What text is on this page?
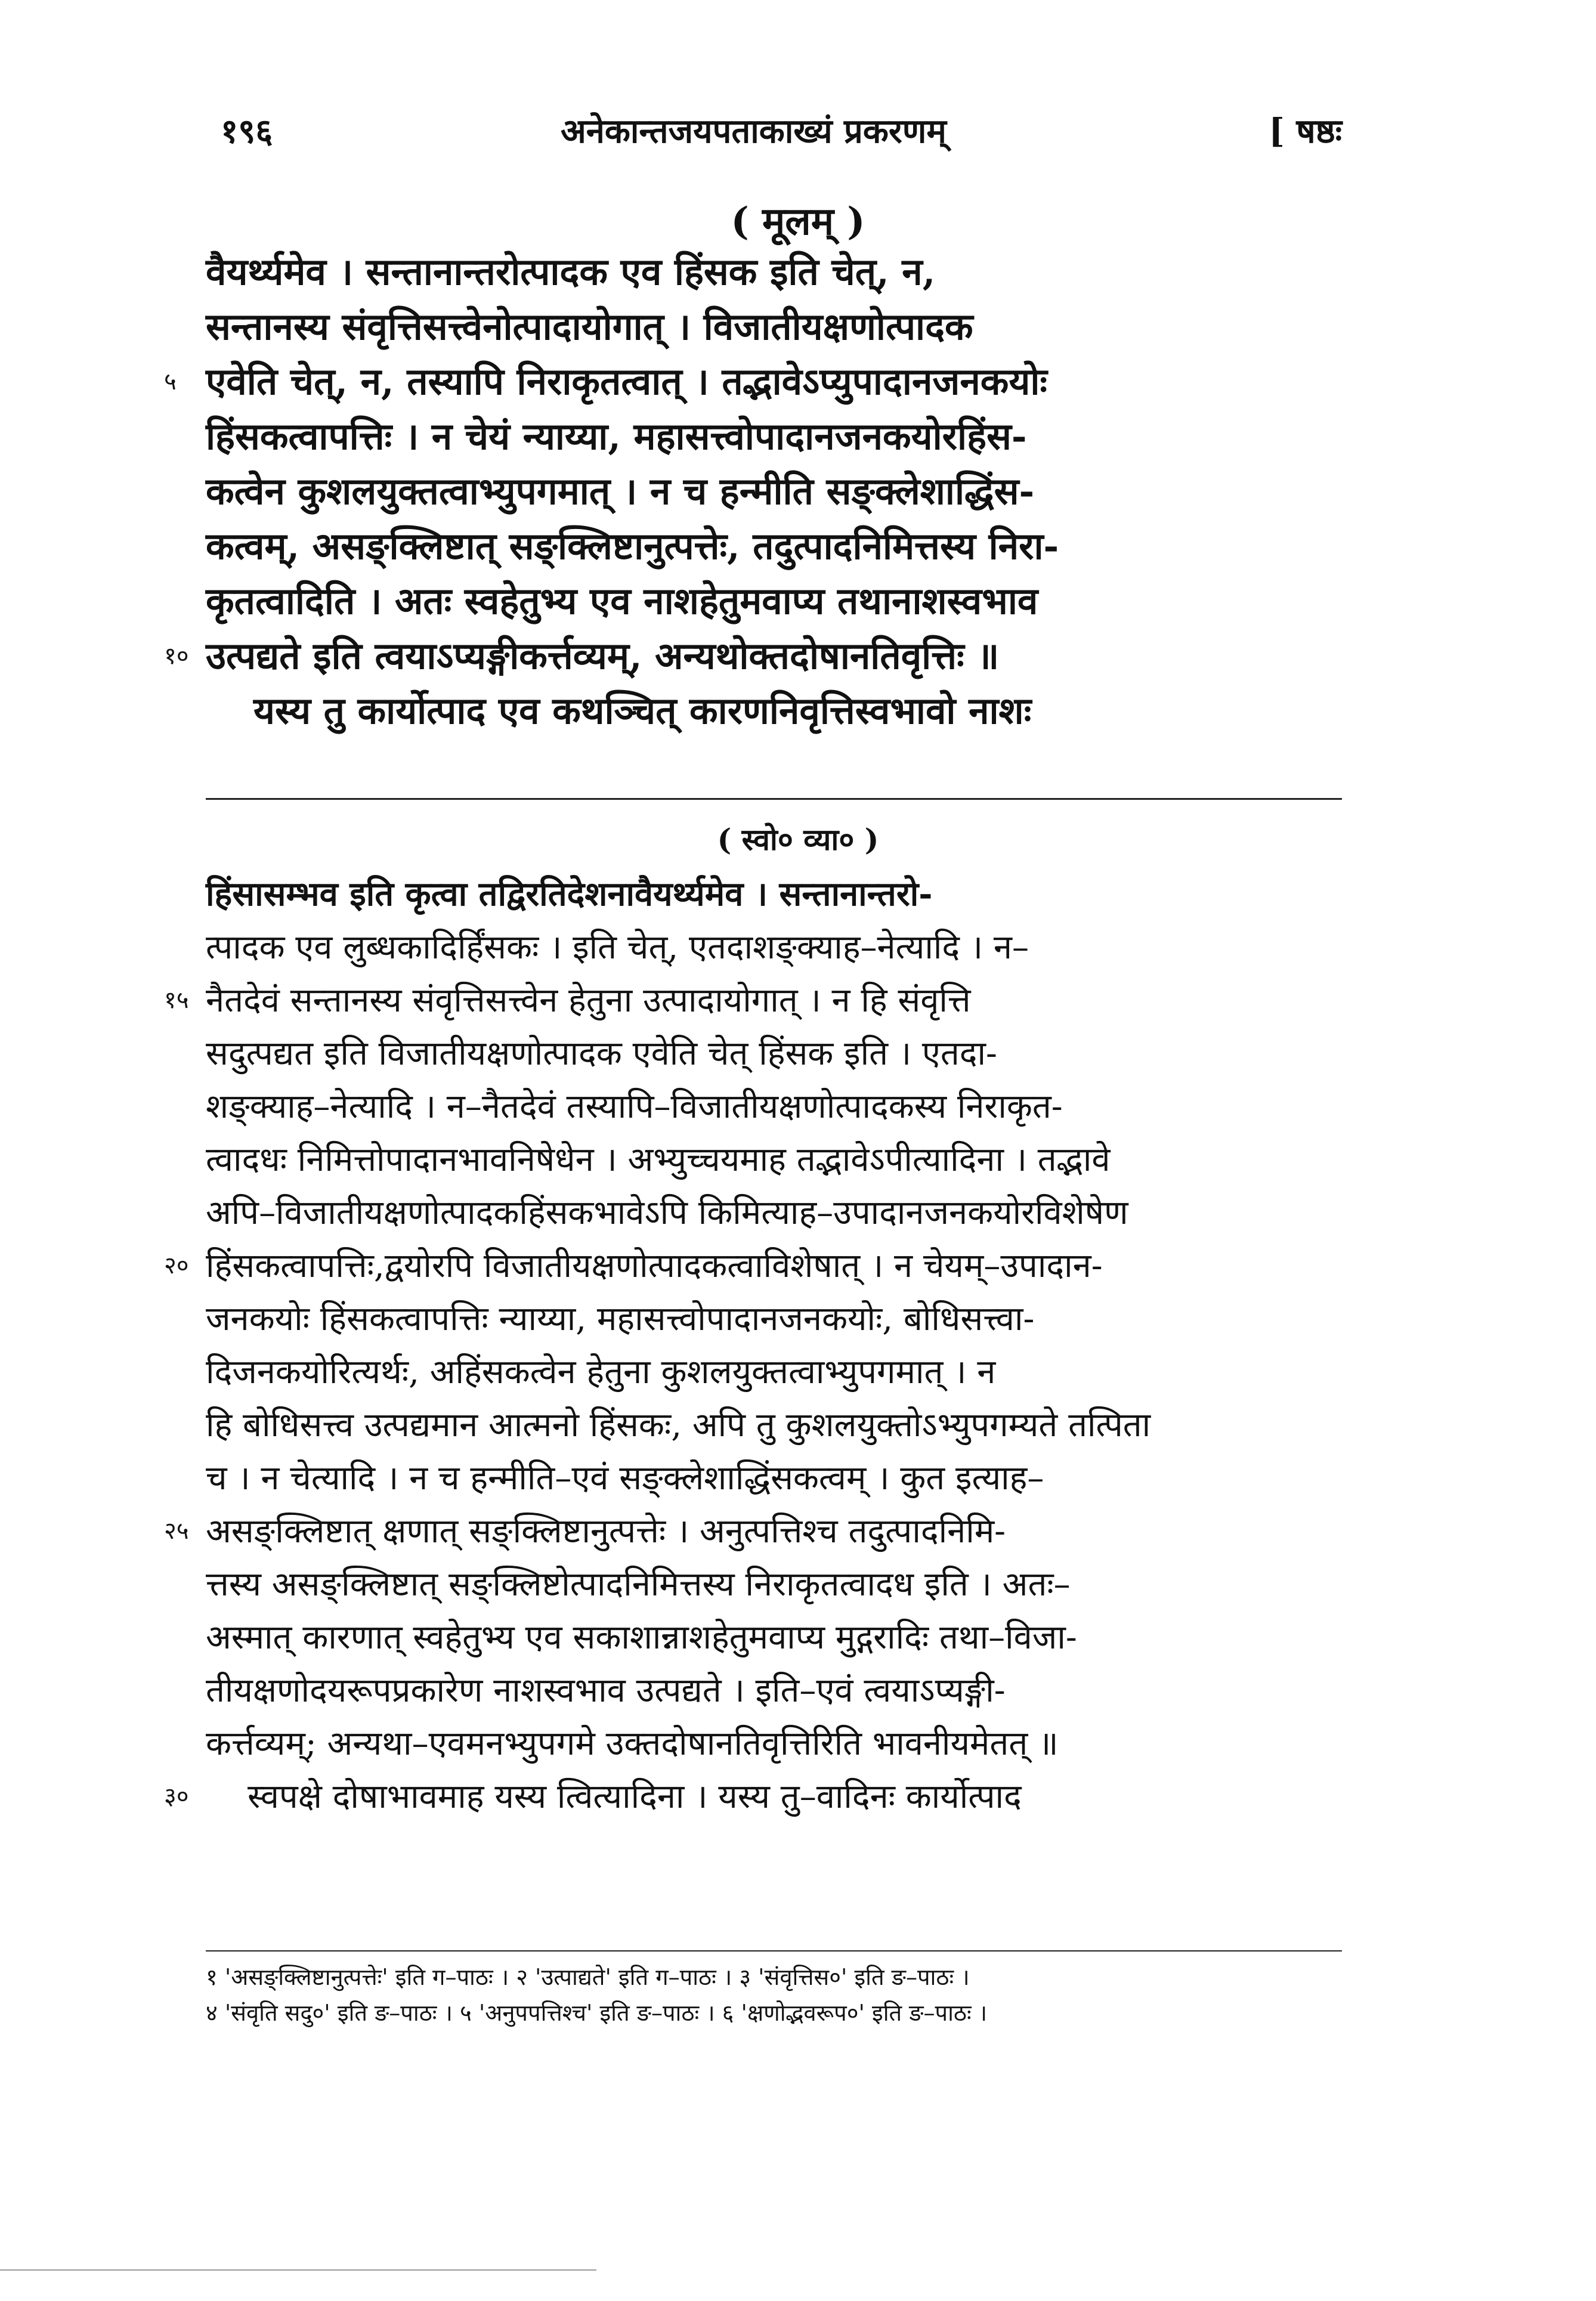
१९६	अनेकान्तजयपताकाख्यं प्रकरणम्	[ षष्ठः
( मूलम् )
वैयर्थ्यमेव । सन्तानान्तरोत्पादक एव हिंसक इति चेत्, न,
सन्तानस्य संवृत्तिसत्त्वेनोत्पादायोगात् । विजातीयक्षणोत्पादक
५ एवेति चेत्, न, तस्यापि निराकृतत्वात् । तद्भावेऽप्युपादानजनकयोः
हिंसकत्वापत्तिः । न चेयं न्याय्या, महासत्त्वोपादानजनकयोरहिंस-
कत्वेन कुशलयुक्तत्वाभ्युपगमात् । न च हन्मीति सङ्क्लेशाद्धिंस-
कत्वम्, असङ्क्लिष्टात् सङ्क्लिष्टानुत्पत्तेः, तदुत्पादनिमित्तस्य निरा-
कृतत्वादिति । अतः स्वहेतुभ्य एव नाशहेतुमवाप्य तथानाशस्वभाव
१० उत्पद्यते इति त्वयाऽप्यङ्गीकर्त्तव्यम्, अन्यथोक्तदोषानतिवृत्तिः ॥
यस्य तु कार्योत्पाद एव कथञ्चित् कारणनिवृत्तिस्वभावो नाशः
( स्वो० व्या० )
हिंसासम्भव इति कृत्वा तद्विरतिदेशनावैयर्थ्यमेव । सन्तानान्तरो-
त्पादक एव लुब्धकादिर्हिंसकः । इति चेत्, एतदाशङ्क्याह–नेत्यादि । न–
१५ नैतदेवं सन्तानस्य संवृत्तिसत्त्वेन हेतुना उत्पादायोगात् । न हि संवृत्ति
सदुत्पद्यत इति विजातीयक्षणोत्पादक एवेति चेत् हिंसक इति । एतदा-
शङ्क्याह–नेत्यादि । न–नैतदेवं तस्यापि–विजातीयक्षणोत्पादकस्य निराकृत-
त्वादधः निमित्तोपादानभावनिषेधेन । अभ्युच्चयमाह तद्भावेऽपीत्यादिना । तद्भावे
अपि–विजातीयक्षणोत्पादकहिंसकभावेऽपि किमित्याह–उपादानजनकयोरविशेषेण
२० हिंसकत्वापत्तिः,द्वयोरपि विजातीयक्षणोत्पादकत्वाविशेषात् । न चेयम्–उपादान-
जनकयोः हिंसकत्वापत्तिः न्याय्या, महासत्त्वोपादानजनकयोः, बोधिसत्त्वा-
दिजनकयोरित्यर्थः, अहिंसकत्वेन हेतुना कुशलयुक्तत्वाभ्युपगमात् । न
हि बोधिसत्त्व उत्पद्यमान आत्मनो हिंसकः, अपि तु कुशलयुक्तोऽभ्युपगम्यते तत्पिता
च । न चेत्यादि । न च हन्मीति–एवं सङ्क्लेशाद्धिंसकत्वम् । कुत इत्याह–
२५ असङ्क्लिष्टात् क्षणात् सङ्क्लिष्टानुत्पत्तेः । अनुत्पत्तिश्च तदुत्पादनिमि-
त्तस्य असङ्क्लिष्टात् सङ्क्लिष्टोत्पादनिमित्तस्य निराकृतत्वादध इति । अतः–
अस्मात् कारणात् स्वहेतुभ्य एव सकाशान्नाशहेतुमवाप्य मुद्गरादिः तथा–विजा-
तीयक्षणोदयरूपप्रकारेण नाशस्वभाव उत्पद्यते । इति–एवं त्वयाऽप्यङ्गी-
कर्त्तव्यम्; अन्यथा–एवमनभ्युपगमे उक्तदोषानतिवृत्तिरिति भावनीयमेतत् ॥
३० स्वपक्षे दोषाभावमाह यस्य त्वित्यादिना । यस्य तु–वादिनः कार्योत्पाद
१ 'असङ्क्लिष्टानुत्पत्तेः' इति ग–पाठः । २ 'उत्पाद्यते' इति ग–पाठः । ३ 'संवृत्तिस०' इति ङ–पाठः ।
४ 'संवृति सदु०' इति ङ–पाठः । ५ 'अनुपपत्तिश्च' इति ङ–पाठः । ६ 'क्षणोद्भवरूप०' इति ङ–पाठः ।
